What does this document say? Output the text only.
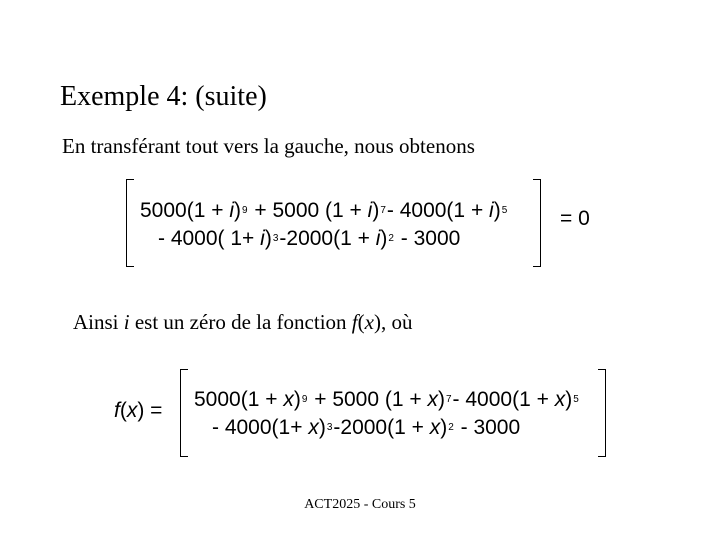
Exemple 4: (suite)
En transférant tout vers la gauche, nous obtenons
$5000(1 + i)^9 + 5000$ $(1 + i)^7-$ $4000(1 + i)^5$
- 4000( $1+ i)^3-2000(1 + i)^2 - 3000$
= 0
Ainsi i est un zéro de la fonction f(x), où
$f(x) = 5000(1 + x)^9 + 5000$ $(1 + x)^7-$ $4000(1 + x)^5$
- $4000(1+ x)^3-2000(1 + x)^2 - 3000$
ACT2025 - Cours 5
